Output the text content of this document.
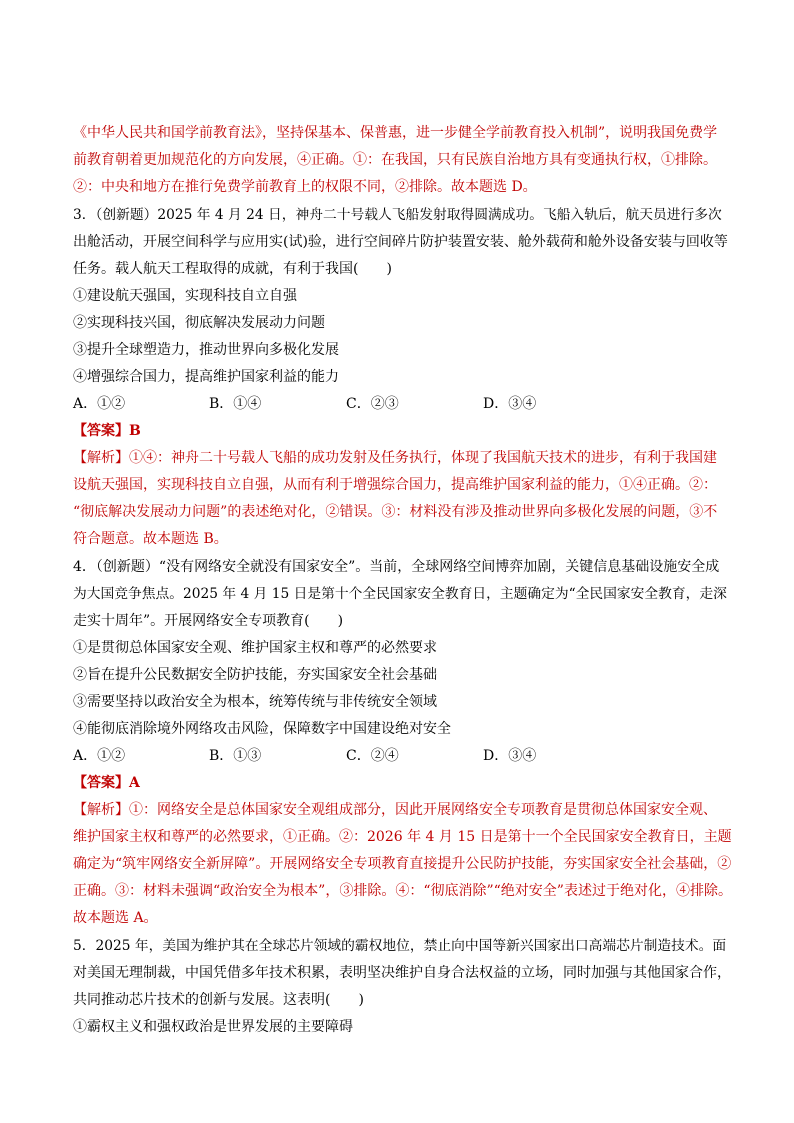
《中华人民共和国学前教育法》，坚持保基本、保普惠，进一步健全学前教育投入机制”，说明我国免费学
前教育朝着更加规范化的方向发展，④正确。①：在我国，只有民族自治地方具有变通执行权，①排除。
②：中央和地方在推行免费学前教育上的权限不同，②排除。故本题选 D。
3．（创新题）2025 年 4 月 24 日，神舟二十号载人飞船发射取得圆满成功。飞船入轨后，航天员进行多次
出舱活动，开展空间科学与应用实(试)验，进行空间碎片防护装置安装、舱外载荷和舱外设备安装与回收等
任务。载人航天工程取得的成就，有利于我国(　　)
①建设航天强国，实现科技自立自强
②实现科技兴国，彻底解决发展动力问题
③提升全球塑造力，推动世界向多极化发展
④增强综合国力，提高维护国家利益的能力
A．①②	B．①④	C．②③	D．③④
【答案】B
【解析】①④：神舟二十号载人飞船的成功发射及任务执行，体现了我国航天技术的进步，有利于我国建
设航天强国，实现科技自立自强，从而有利于增强综合国力，提高维护国家利益的能力，①④正确。②：
“彻底解决发展动力问题”的表述绝对化，②错误。③：材料没有涉及推动世界向多极化发展的问题，③不
符合题意。故本题选 B。
4．（创新题）“没有网络安全就没有国家安全”。当前，全球网络空间博弈加剧，关键信息基础设施安全成
为大国竞争焦点。2025 年 4 月 15 日是第十个全民国家安全教育日，主题确定为“全民国家安全教育，走深
走实十周年”。开展网络安全专项教育(　　)
①是贯彻总体国家安全观、维护国家主权和尊严的必然要求
②旨在提升公民数据安全防护技能，夯实国家安全社会基础
③需要坚持以政治安全为根本，统筹传统与非传统安全领域
④能彻底消除境外网络攻击风险，保障数字中国建设绝对安全
A．①②	B．①③	C．②④	D．③④
【答案】A
【解析】①：网络安全是总体国家安全观组成部分，因此开展网络安全专项教育是贯彻总体国家安全观、
维护国家主权和尊严的必然要求，①正确。②：2026 年 4 月 15 日是第十一个全民国家安全教育日，主题
确定为“筑牢网络安全新屏障”。开展网络安全专项教育直接提升公民防护技能，夯实国家安全社会基础，②
正确。③：材料未强调“政治安全为根本”，③排除。④：“彻底消除”“绝对安全”表述过于绝对化，④排除。
故本题选 A。
5．2025 年，美国为维护其在全球芯片领域的霸权地位，禁止向中国等新兴国家出口高端芯片制造技术。面
对美国无理制裁，中国凭借多年技术积累，表明坚决维护自身合法权益的立场，同时加强与其他国家合作，
共同推动芯片技术的创新与发展。这表明(　　)
①霸权主义和强权政治是世界发展的主要障碍
